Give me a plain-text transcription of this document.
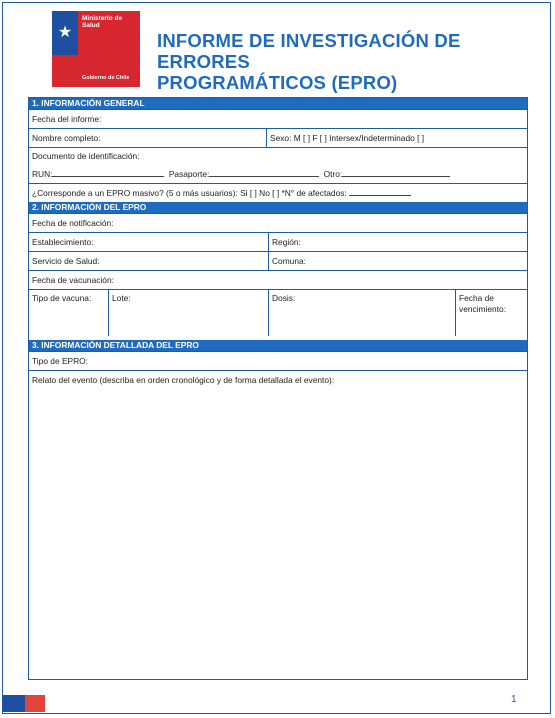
★
Ministerio de
Salud
Gobierno de Chile
INFORME DE INVESTIGACIÓN DE ERRORES
PROGRAMÁTICOS (EPRO)
1. INFORMACIÓN GENERAL
Fecha del informe:
Nombre completo:	Sexo: M [ ] F [ ] Intersex/Indeterminado [ ]
Documento de identificación:
RUN:	Pasaporte:	Otro:
¿Corresponde a un EPRO masivo? (5 o más usuarios): Si [ ] No [ ] *N° de afectados:
2. INFORMACIÓN DEL EPRO
Fecha de notificación:
Establecimiento:	Región:
Servicio de Salud:	Comuna:
Fecha de vacunación:
Tipo de vacuna:	Lote:	Dosis:	Fecha de
vencimiento:
3. INFORMACIÓN DETALLADA DEL EPRO
Tipo de EPRO:
Relato del evento (describa en orden cronológico y de forma detallada el evento):
1
